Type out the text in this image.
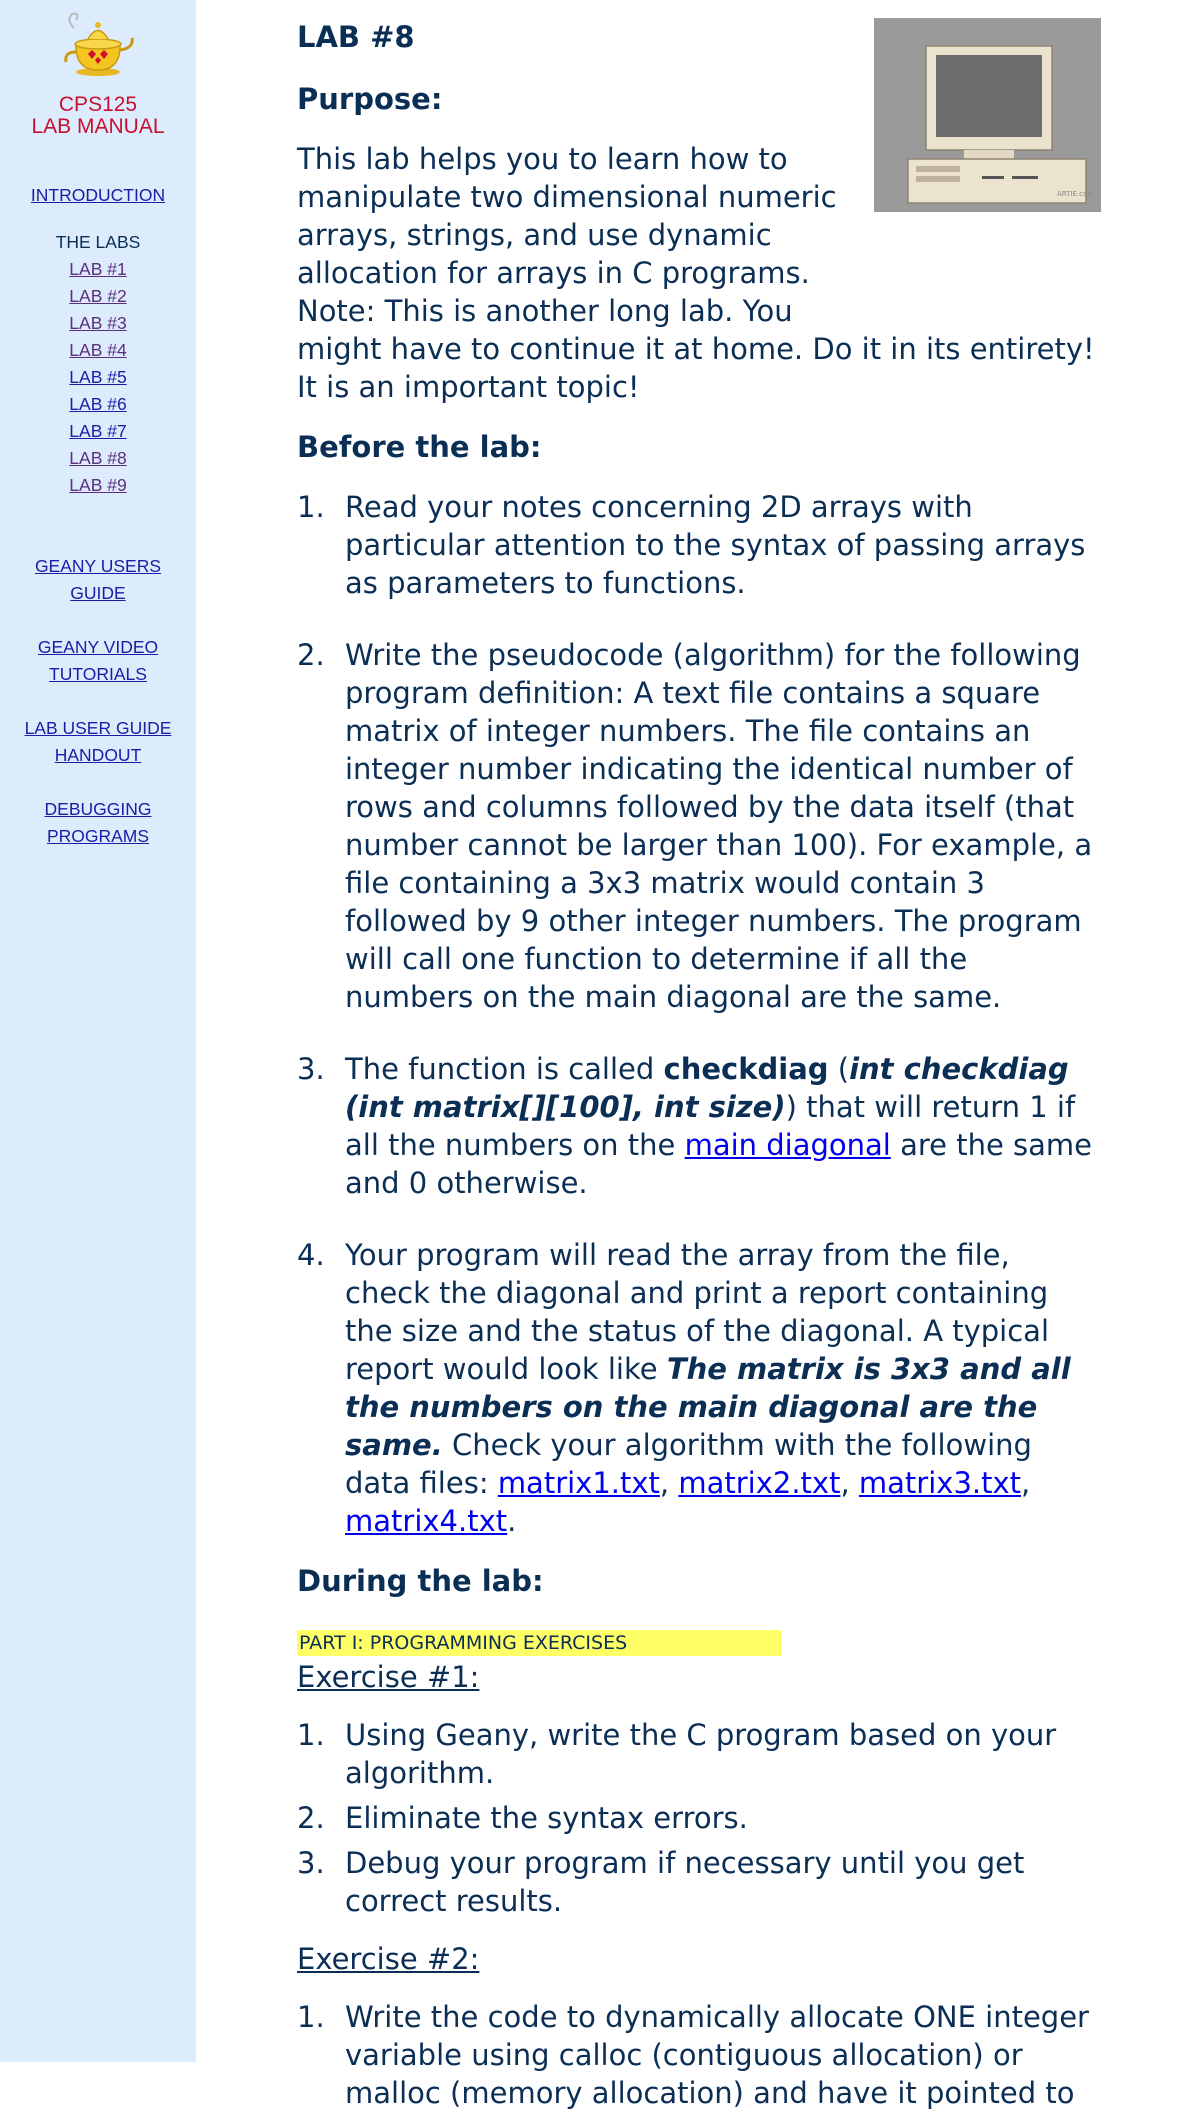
CPS125
LAB MANUAL
INTRODUCTION
THE LABS
LAB #1
LAB #2
LAB #3
LAB #4
LAB #5
LAB #6
LAB #7
LAB #8
LAB #9
GEANY USERS
GUIDE
GEANY VIDEO
TUTORIALS
LAB USER GUIDE
HANDOUT
DEBUGGING
PROGRAMS
ARTIE.com
LAB #8
Purpose:

This lab helps you to learn how to manipulate two dimensional numeric arrays, strings, and use dynamic allocation for arrays in C programs. Note: This is another long lab. You might have to continue it at home. Do it in its entirety! It is an important topic!

Before the lab:
1. Read your notes concerning 2D arrays with particular attention to the syntax of passing arrays as parameters to functions.
2. Write the pseudocode (algorithm) for the following program definition: A text file contains a square matrix of integer numbers. The file contains an integer number indicating the identical number of rows and columns followed by the data itself (that number cannot be larger than 100). For example, a file containing a 3x3 matrix would contain 3 followed by 9 other integer numbers. The program will call one function to determine if all the numbers on the main diagonal are the same.
3. The function is called checkdiag (int checkdiag (int matrix[][100], int size)) that will return 1 if all the numbers on the main diagonal are the same and 0 otherwise.
4. Your program will read the array from the file, check the diagonal and print a report containing the size and the status of the diagonal. A typical report would look like The matrix is 3x3 and all the numbers on the main diagonal are the same. Check your algorithm with the following data files: matrix1.txt, matrix2.txt, matrix3.txt, matrix4.txt.
During the lab:
PART I: PROGRAMMING EXERCISES
Exercise #1:
1. Using Geany, write the C program based on your algorithm.
2. Eliminate the syntax errors.
3. Debug your program if necessary until you get correct results.
Exercise #2:
1. Write the code to dynamically allocate ONE integer variable using calloc (contiguous allocation) or malloc (memory allocation) and have it pointed to
